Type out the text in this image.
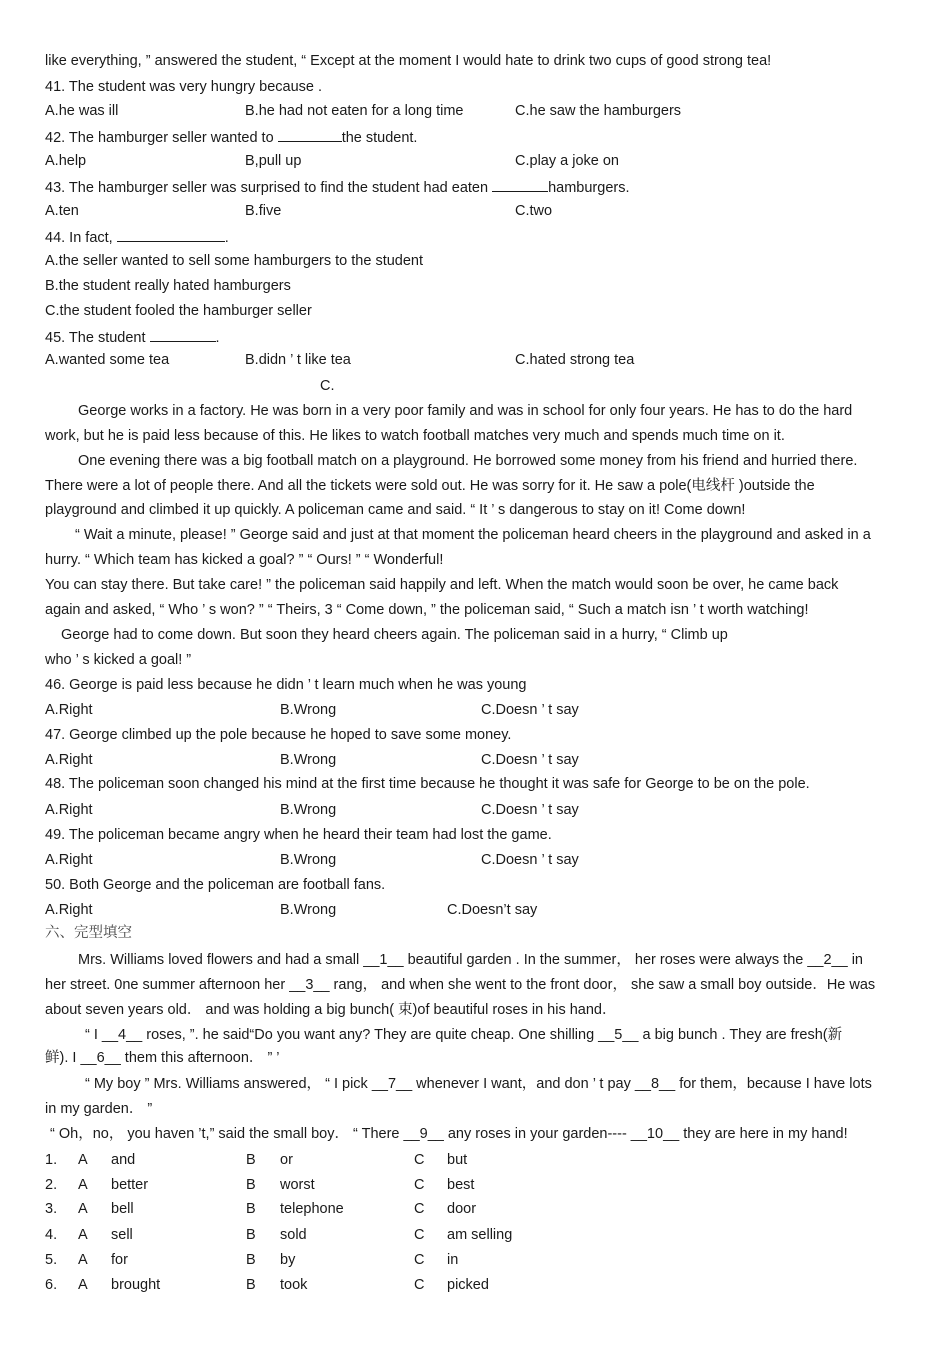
like everything, ” answered the student, “ Except at the moment I would hate to drink two cups of good strong tea!
41. The student was very hungry because .
A.he was ill	B.he had not eaten for a long time	C.he saw the hamburgers
42. The hamburger seller wanted to	the student.
A.help	B,pull up	C.play a joke on
43. The hamburger seller was surprised to find the student had eaten	hamburgers.
A.ten	B.five	C.two
44. In fact,	.
A.the seller wanted to sell some hamburgers to the student
B.the student really hated hamburgers
C.the student fooled the hamburger seller
45. The student	.
A.wanted some tea	B.didn ’ t like tea	C.hated strong tea
C.
George works in a factory. He was born in a very poor family and was in school for only four years. He has to do the hard
work, but he is paid less because of this. He likes to watch football matches very much and spends much time on it.
One evening there was a big football match on a playground. He borrowed some money from his friend and hurried there.
There were a lot of people there. And all the tickets were sold out. He was sorry for it. He saw a pole(电线杆 )outside the
playground and climbed it up quickly. A policeman came and said. “ It ’ s dangerous to stay on it! Come down!
“ Wait a minute, please! ” George said and just at that moment the policeman heard cheers in the playground and asked in a
hurry. “ Which team has kicked a goal? ” “ Ours! ” “ Wonderful!
You can stay there. But take care! ” the policeman said happily and left. When the match would soon be over, he came back
again and asked, “ Who ’ s won? ” “ Theirs, 3 “ Come down, ” the policeman said, “ Such a match isn ’ t worth watching!
George had to come down. But soon they heard cheers again. The policeman said in a hurry, “ Climb up
who ’ s kicked a goal! ”
46. George is paid less because he didn ’ t learn much when he was young
A.Right	B.Wrong	C.Doesn ’ t say
47. George climbed up the pole because he hoped to save some money.
A.Right	B.Wrong	C.Doesn ’ t say
48. The policeman soon changed his mind at the first time because he thought it was safe for George to be on the pole.
A.Right	B.Wrong	C.Doesn ’ t say
49. The policeman became angry when he heard their team had lost the game.
A.Right	B.Wrong	C.Doesn ’ t say
50. Both George and the policeman are football fans.
A.Right	B.Wrong	C.Doesn’t say
六、完型填空
Mrs. Williams loved flowers and had a small __1__ beautiful garden . In the summer， her roses were always the __2__ in
her street. 0ne summer afternoon her __3__ rang， and when she went to the front door， she saw a small boy outside．He was
about seven years old． and was holding a big bunch( 束)of beautiful roses in his hand．
“ I __4__ roses, ”. he said“Do you want any? They are quite cheap. One shilling __5__ a big bunch . They are fresh(新
鲜). I __6__ them this afternoon． ” ’
“ My boy ” Mrs. Williams answered， “ I pick __7__ whenever I want，and don ’ t pay __8__ for them，because I have lots
in my garden． ”
“ Oh，no， you haven ’t,” said the small boy． “ There __9__ any roses in your garden---- __10__ they are here in my hand!
1. A and	B or	C but
2. A better	B worst	C best
3. A bell	B telephone	C door
4. A sell	B sold	C am selling
5. A for	B by	C in
6. A brought	B took	C picked
